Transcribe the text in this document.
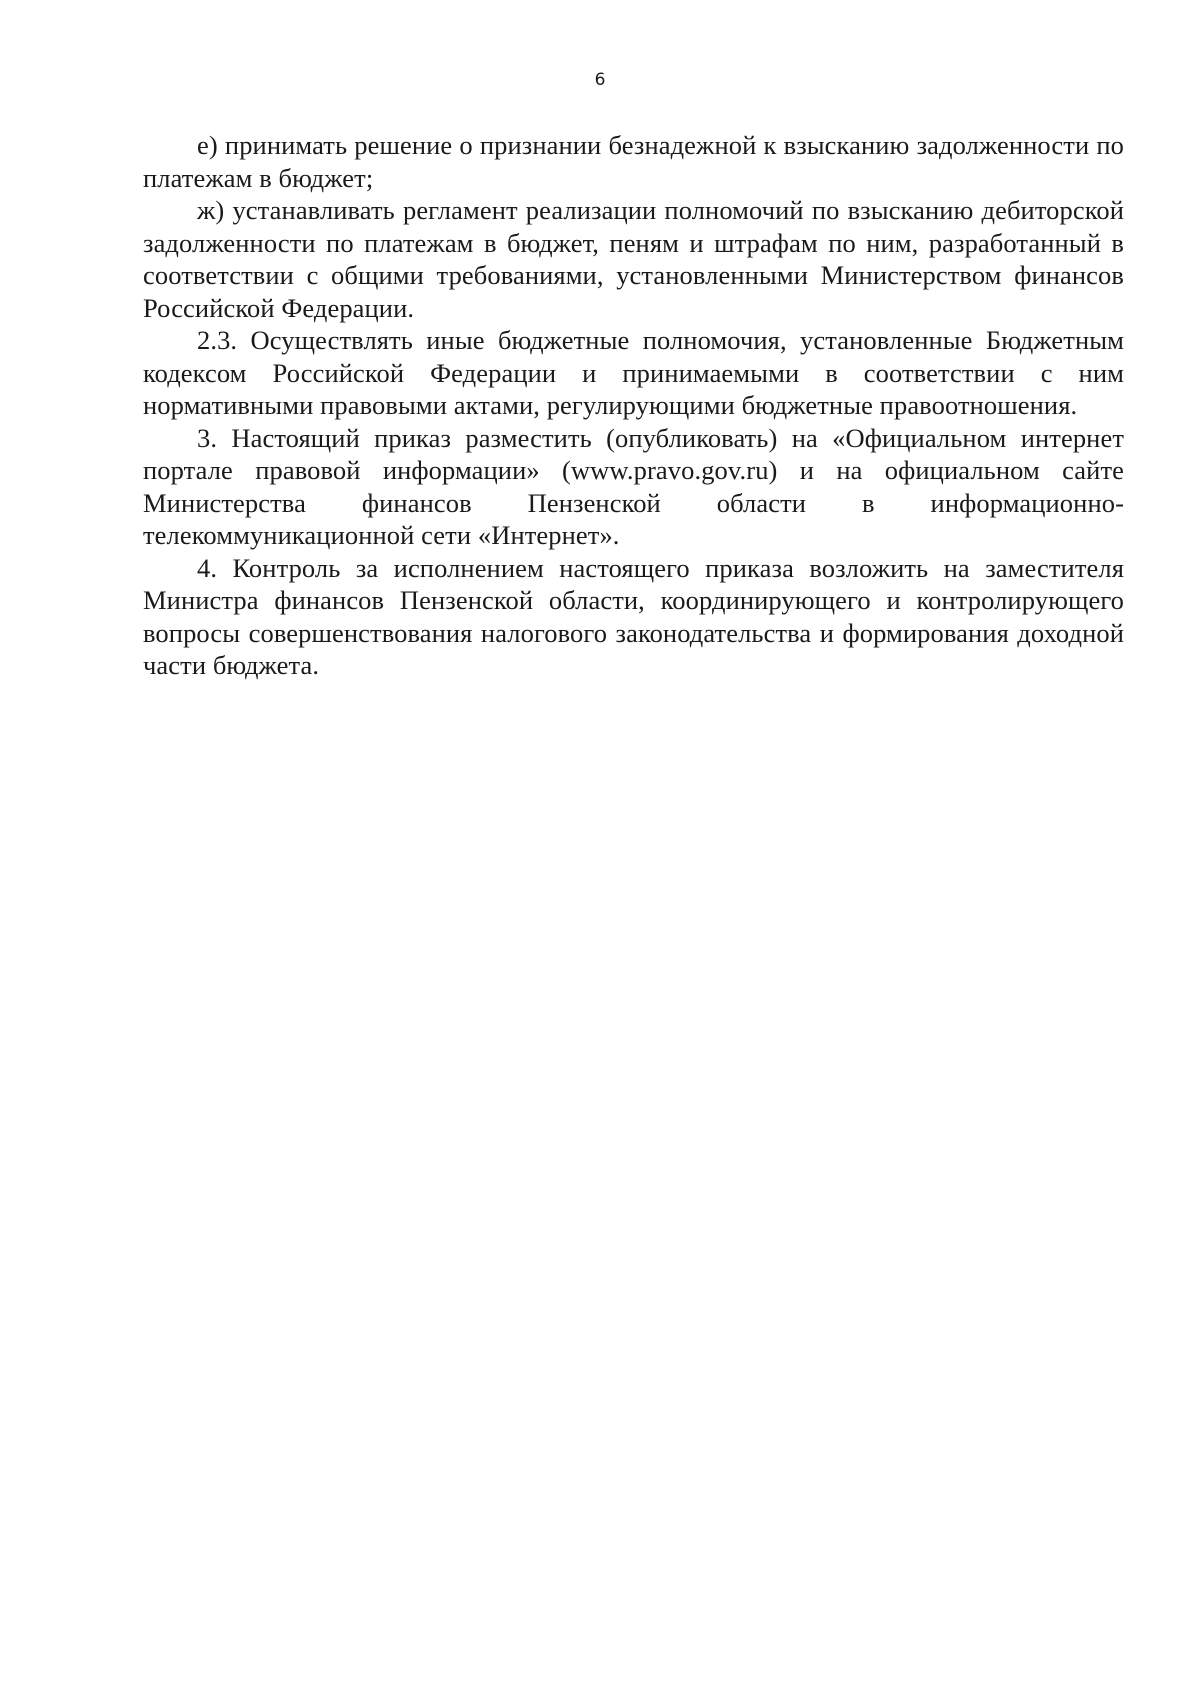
6

е) принимать решение о признании безнадежной к взысканию задолженности по платежам в бюджет;

ж) устанавливать регламент реализации полномочий по взысканию дебиторской задолженности по платежам в бюджет, пеням и штрафам по ним, разработанный в соответствии с общими требованиями, установленными Министерством финансов Российской Федерации.

2.3. Осуществлять иные бюджетные полномочия, установленные Бюджетным кодексом Российской Федерации и принимаемыми в соответствии с ним нормативными правовыми актами, регулирующими бюджетные правоотношения.

3. Настоящий приказ разместить (опубликовать) на «Официальном интернет портале правовой информации» (www.pravo.gov.ru) и на официальном сайте Министерства финансов Пензенской области в информационно-телекоммуникационной сети «Интернет».

4. Контроль за исполнением настоящего приказа возложить на заместителя Министра финансов Пензенской области, координирующего и контролирующего вопросы совершенствования налогового законодательства и формирования доходной части бюджета.
